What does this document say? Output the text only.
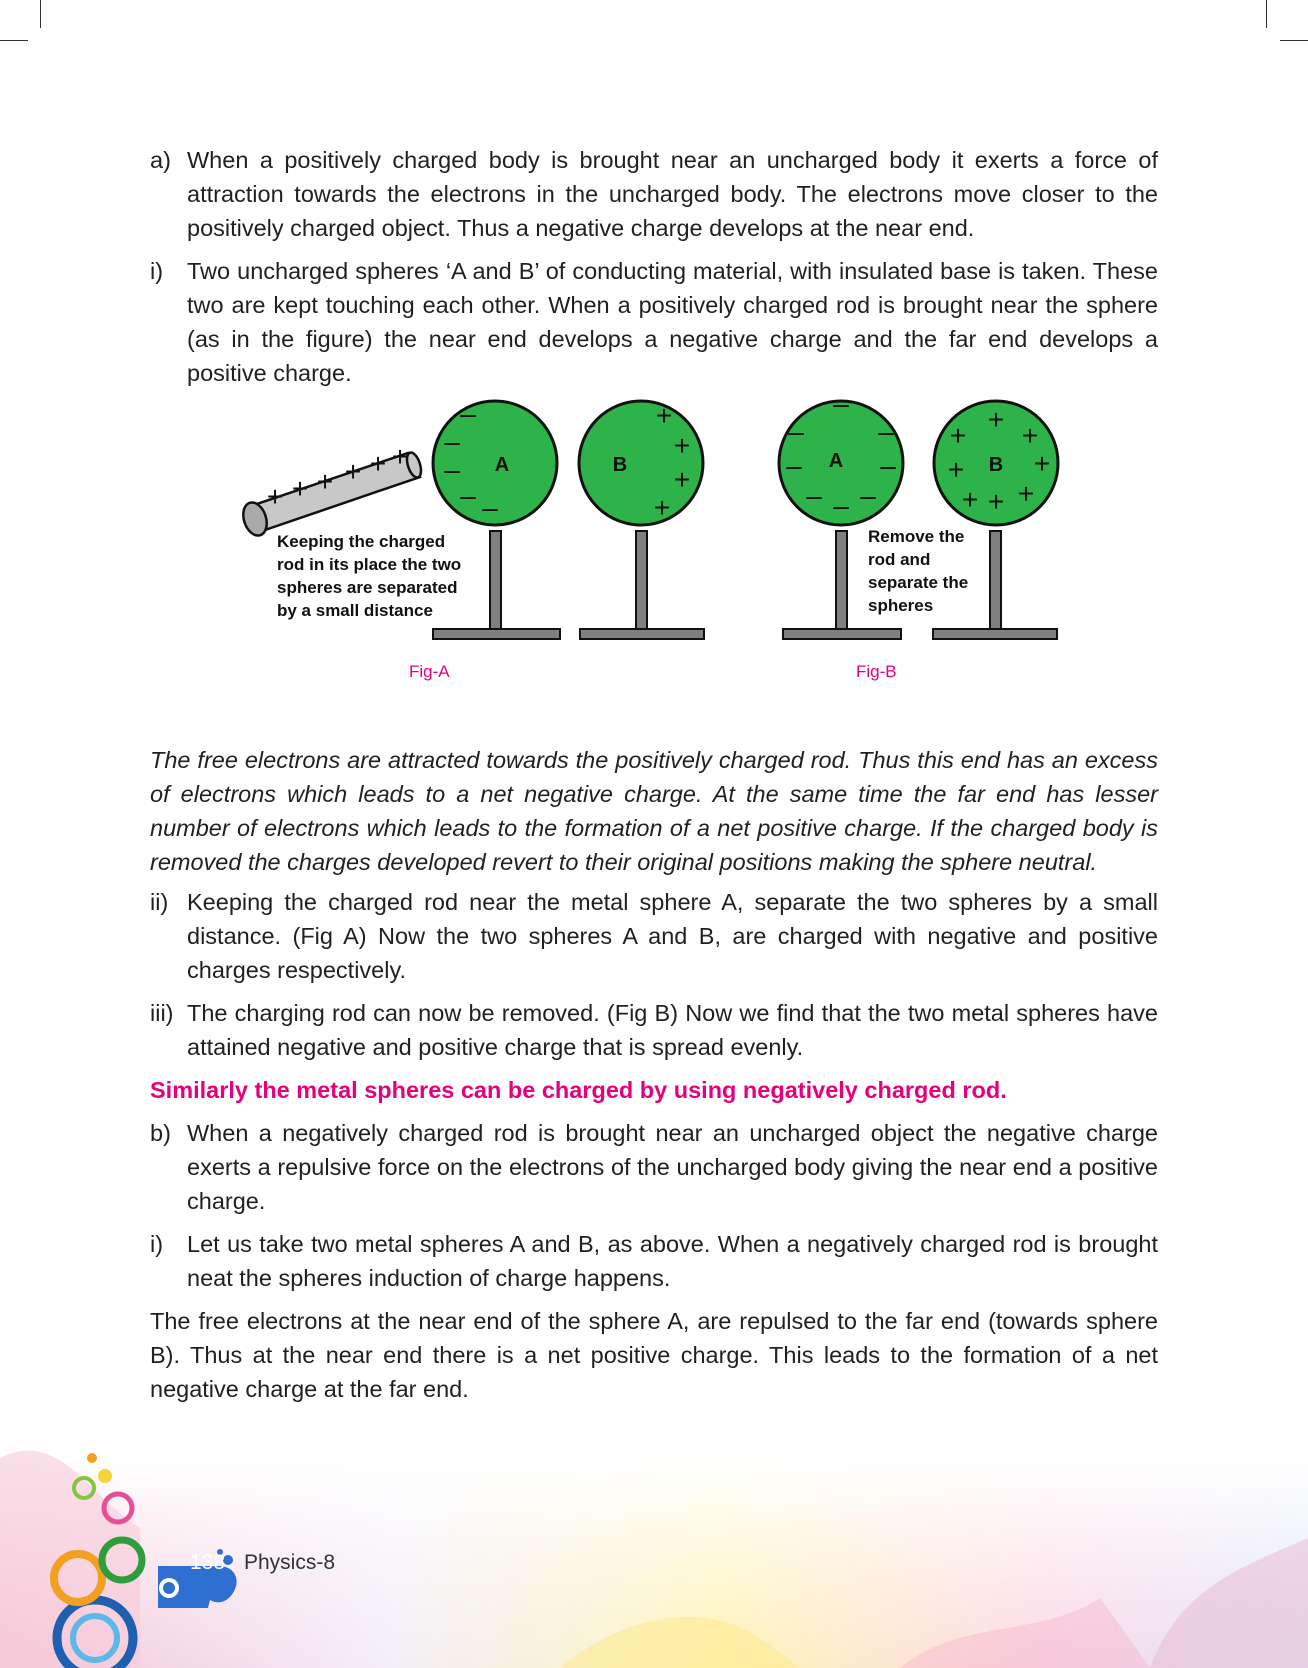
138 Physics-8
a) When a positively charged body is brought near an uncharged body it exerts a force of attraction towards the electrons in the uncharged body. The electrons move closer to the positively charged object. Thus a negative charge develops at the near end.
i)	Two uncharged spheres ‘A and B’ of conducting material, with insulated base is taken. These two are kept touching each other. When a positively charged rod is brought near the sphere (as in the figure) the near end develops a negative charge and the far end develops a positive charge.
+ + + + + +
–
–
–
– –
+
+
+
+
–
–	–
–	–
– – –
+
+ +
+ +
+ + +
A	B	A	B
Keeping the charged
rod in its place the two
spheres are separated
by a small distance
Remove the
rod and
separate the
spheres
Fig-A	Fig-B

The free electrons are attracted towards the positively charged rod. Thus this end has an excess of electrons which leads to a net negative charge. At the same time the far end has lesser number of electrons which leads to the formation of a net positive charge. If the charged body is removed the charges developed revert to their original positions making the sphere neutral.

ii) Keeping the charged rod near the metal sphere A, separate the two spheres by a small distance. (Fig A) Now the two spheres A and B, are charged with negative and positive charges respectively.
iii) The charging rod can now be removed. (Fig B) Now we find that the two metal spheres have attained negative and positive charge that is spread evenly.

Similarly the metal spheres can be charged by using negatively charged rod.

b) When a negatively charged rod is brought near an uncharged object the negative charge exerts a repulsive force on the electrons of the uncharged body giving the near end a positive charge.
i)	Let us take two metal spheres A and B, as above. When a negatively charged rod is brought neat the spheres induction of charge happens.

The free electrons at the near end of the sphere A, are repulsed to the far end (towards sphere B). Thus at the near end there is a net positive charge. This leads to the formation of a net negative charge at the far end.
